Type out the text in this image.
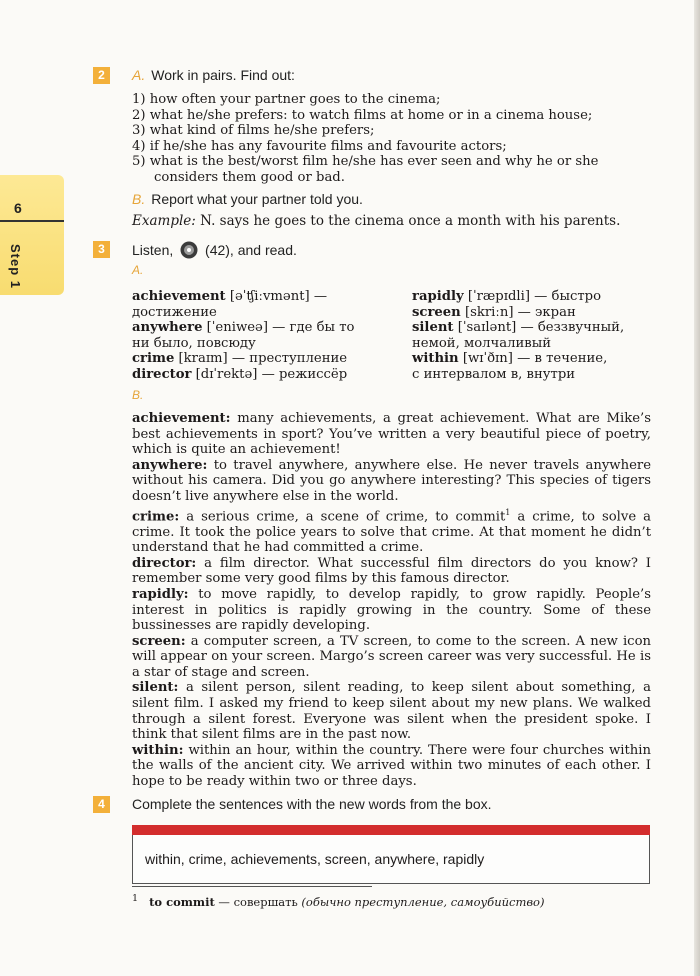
6
Step 1
2	A. Work in pairs. Find out:
1) how often your partner goes to the cinema;
2) what he/she prefers: to watch films at home or in a cinema house;
3) what kind of films he/she prefers;
4) if he/she has any favourite films and favourite actors;
5) what is the best/worst film he/she has ever seen and why he or she considers them good or bad.
B. Report what your partner told you.
Example: N. says he goes to the cinema once a month with his parents.
3	Listen, (42), and read.
A.
achievement [əˈʧiːvmənt] —
достижение
anywhere [ˈeniweə] — где бы то
ни было, повсюду
crime [kraɪm] — преступление
director [dɪˈrektə] — режиссёр
rapidly [ˈræpɪdli] — быстро
screen [skriːn] — экран
silent [ˈsaɪlənt] — беззвучный,
немой, молчаливый
within [wɪˈðɪn] — в течение,
с интервалом в, внутри
B.
achievement: many achievements, a great achievement. What are Mike’s best achievements in sport? You’ve written a very beautiful piece of poetry, which is quite an achievement!
anywhere: to travel anywhere, anywhere else. He never travels anywhere without his camera. Did you go anywhere interesting? This species of tigers doesn’t live anywhere else in the world.
crime: a serious crime, a scene of crime, to commit$^1$ a crime, to solve a crime. It took the police years to solve that crime. At that moment he didn’t understand that he had committed a crime.
director: a film director. What successful film directors do you know? I remember some very good films by this famous director.
rapidly: to move rapidly, to develop rapidly, to grow rapidly. People’s interest in politics is rapidly growing in the country. Some of these bussinesses are rapidly developing.
screen: a computer screen, a TV screen, to come to the screen. A new icon will appear on your screen. Margo’s screen career was very successful. He is a star of stage and screen.
silent: a silent person, silent reading, to keep silent about something, a silent film. I asked my friend to keep silent about my new plans. We walked through a silent forest. Everyone was silent when the president spoke. I think that silent films are in the past now.
within: within an hour, within the country. There were four churches within the walls of the ancient city. We arrived within two minutes of each other. I hope to be ready within two or three days.
4	Complete the sentences with the new words from the box.
within, crime, achievements, screen, anywhere, rapidly
$^1$ to commit — совершать (обычно преступление, самоубийство)
